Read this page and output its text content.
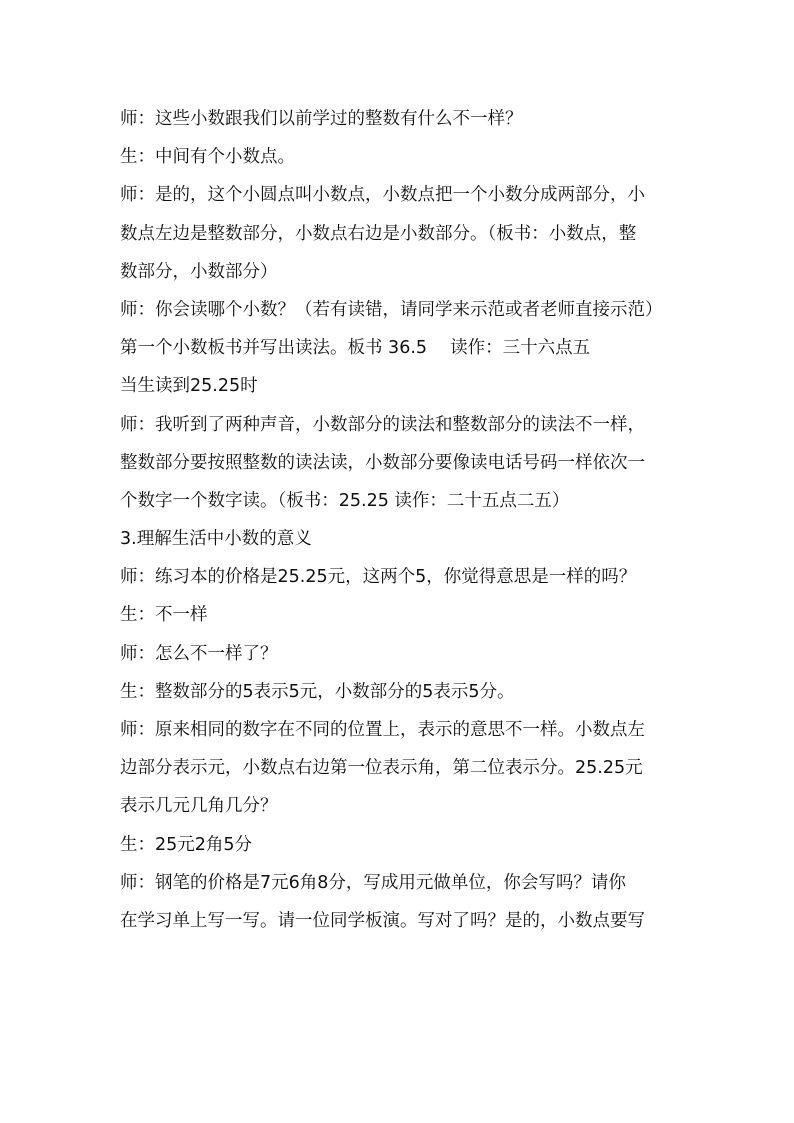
师：这些小数跟我们以前学过的整数有什么不一样？
生：中间有个小数点。
师：是的，这个小圆点叫小数点，小数点把一个小数分成两部分，小
数点左边是整数部分，小数点右边是小数部分。（板书：小数点，整
数部分，小数部分）
师：你会读哪个小数？（若有读错，请同学来示范或者老师直接示范）
第一个小数板书并写出读法。板书 36.5　 读作：三十六点五
当生读到25.25时
师：我听到了两种声音，小数部分的读法和整数部分的读法不一样，
整数部分要按照整数的读法读，小数部分要像读电话号码一样依次一
个数字一个数字读。（板书：25.25 读作：二十五点二五）
3.理解生活中小数的意义
师：练习本的价格是25.25元，这两个5，你觉得意思是一样的吗？
生：不一样
师：怎么不一样了？
生：整数部分的5表示5元，小数部分的5表示5分。
师：原来相同的数字在不同的位置上，表示的意思不一样。小数点左
边部分表示元，小数点右边第一位表示角，第二位表示分。25.25元
表示几元几角几分？
生：25元2角5分
师：钢笔的价格是7元6角8分，写成用元做单位，你会写吗？请你
在学习单上写一写。请一位同学板演。写对了吗？是的，小数点要写
